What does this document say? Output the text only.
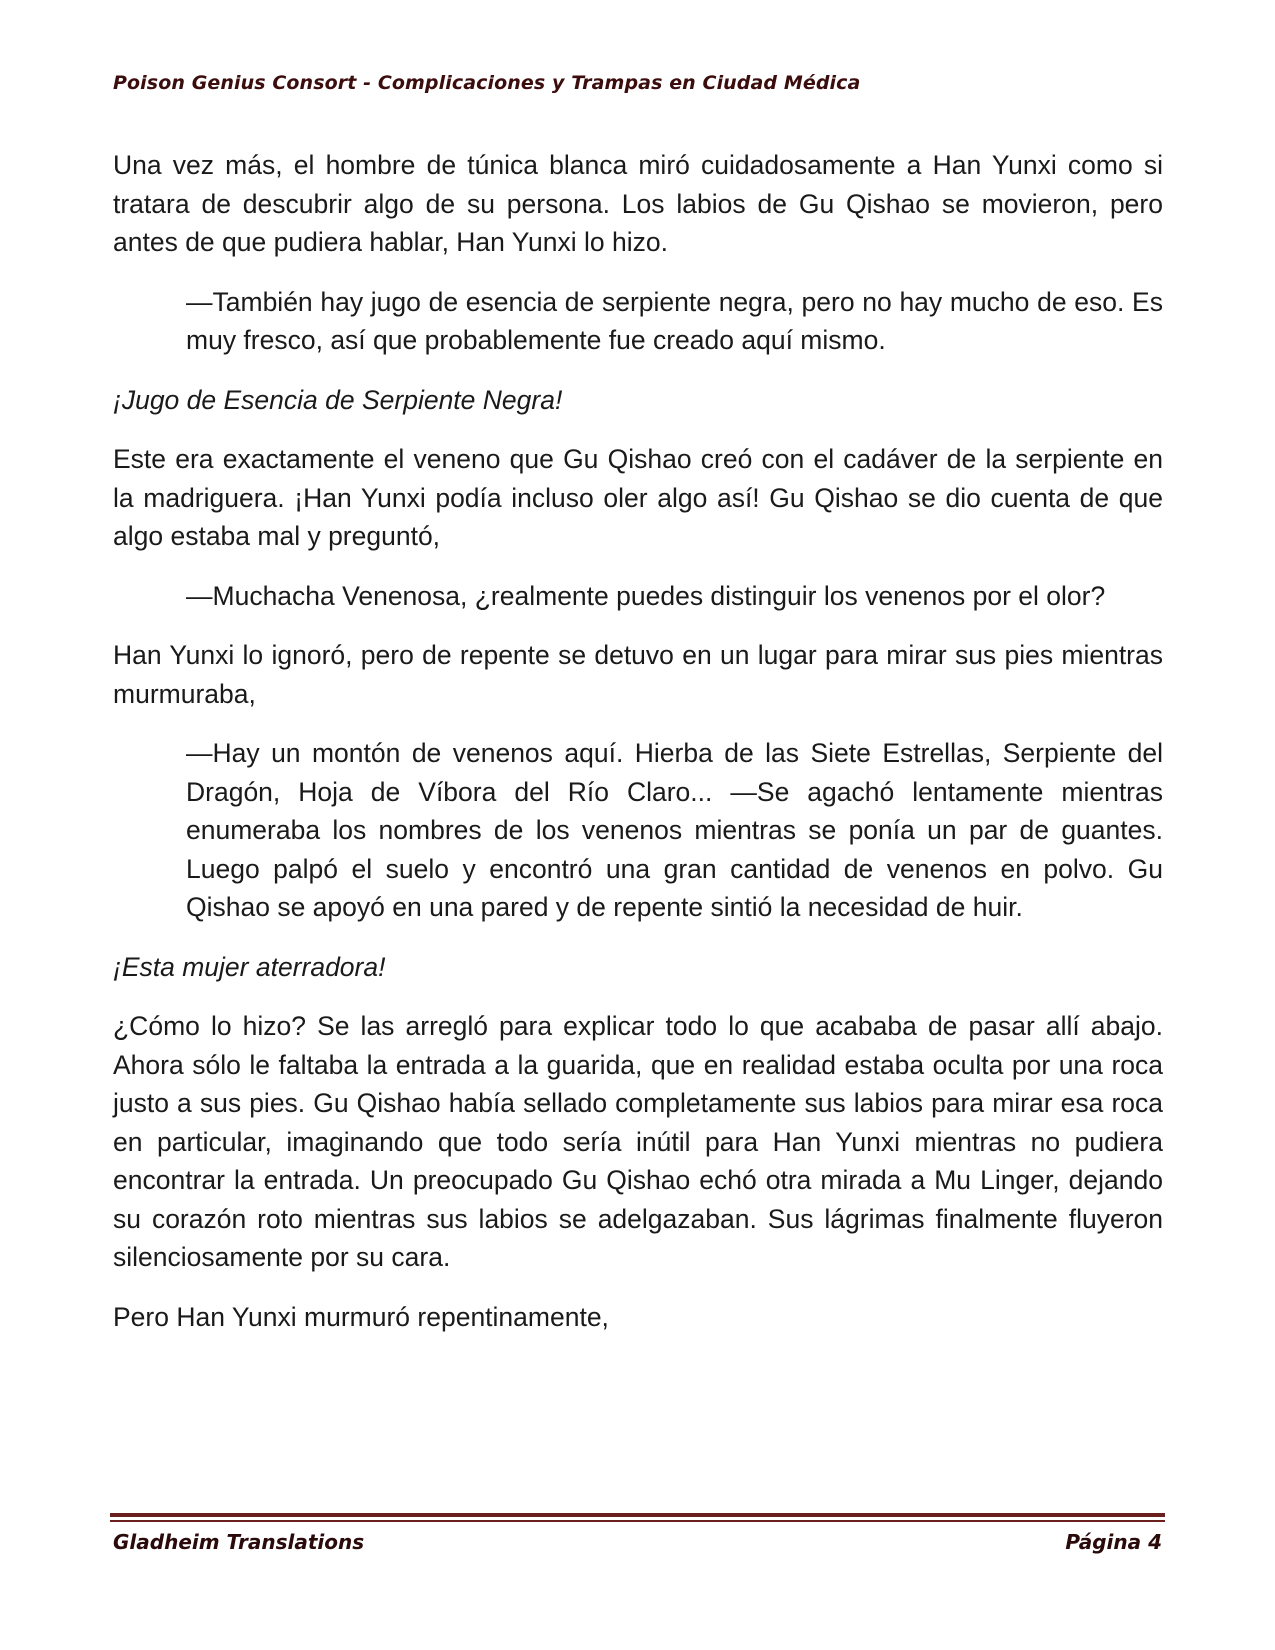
Poison Genius Consort - Complicaciones y Trampas en Ciudad Médica

Una vez más, el hombre de túnica blanca miró cuidadosamente a Han Yunxi como si tratara de descubrir algo de su persona. Los labios de Gu Qishao se movieron, pero antes de que pudiera hablar, Han Yunxi lo hizo.

—También hay jugo de esencia de serpiente negra, pero no hay mucho de eso. Es muy fresco, así que probablemente fue creado aquí mismo.

¡Jugo de Esencia de Serpiente Negra!

Este era exactamente el veneno que Gu Qishao creó con el cadáver de la serpiente en la madriguera. ¡Han Yunxi podía incluso oler algo así! Gu Qishao se dio cuenta de que algo estaba mal y preguntó,

—Muchacha Venenosa, ¿realmente puedes distinguir los venenos por el olor?

Han Yunxi lo ignoró, pero de repente se detuvo en un lugar para mirar sus pies mientras murmuraba,

—Hay un montón de venenos aquí. Hierba de las Siete Estrellas, Serpiente del Dragón, Hoja de Víbora del Río Claro... —Se agachó lentamente mientras enumeraba los nombres de los venenos mientras se ponía un par de guantes. Luego palpó el suelo y encontró una gran cantidad de venenos en polvo. Gu Qishao se apoyó en una pared y de repente sintió la necesidad de huir.

¡Esta mujer aterradora!

¿Cómo lo hizo? Se las arregló para explicar todo lo que acababa de pasar allí abajo. Ahora sólo le faltaba la entrada a la guarida, que en realidad estaba oculta por una roca justo a sus pies. Gu Qishao había sellado completamente sus labios para mirar esa roca en particular, imaginando que todo sería inútil para Han Yunxi mientras no pudiera encontrar la entrada. Un preocupado Gu Qishao echó otra mirada a Mu Linger, dejando su corazón roto mientras sus labios se adelgazaban. Sus lágrimas finalmente fluyeron silenciosamente por su cara.

Pero Han Yunxi murmuró repentinamente,

Gladheim Translations	Página 4
